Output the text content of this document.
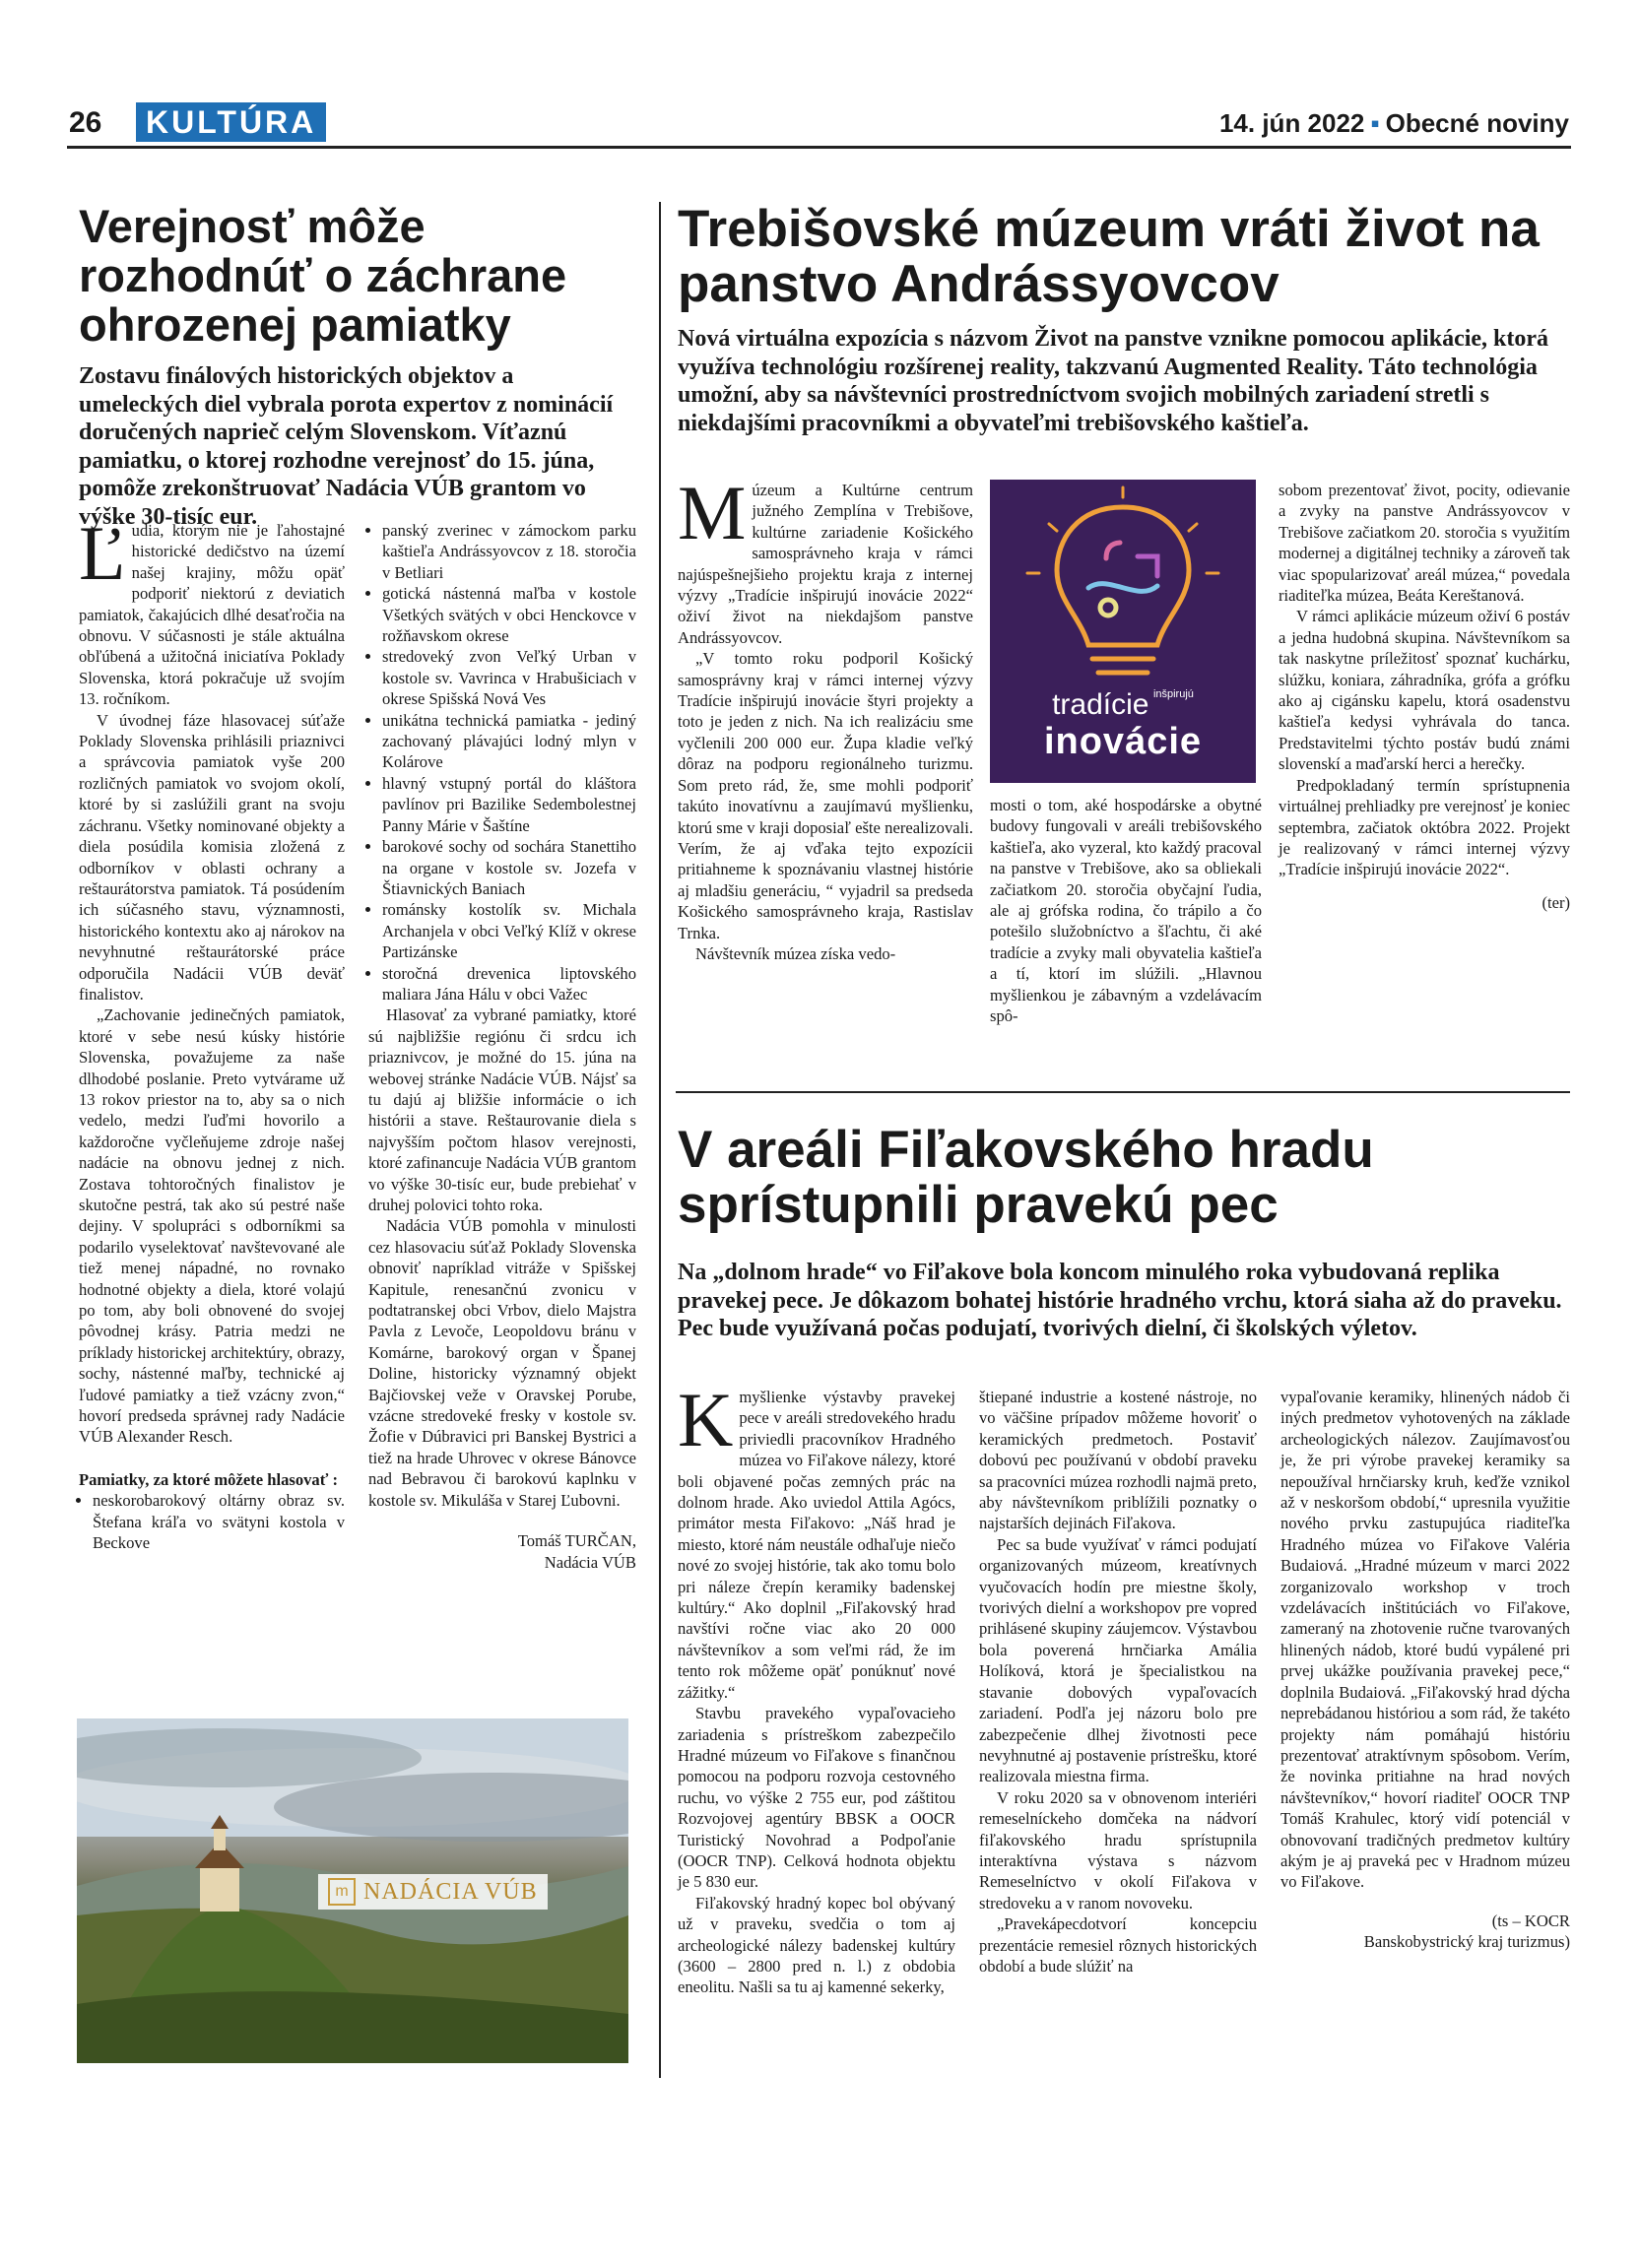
26	KULTÚRA	14. jún 2022 ▪ Obecné noviny
Verejnosť môže rozhodnúť o záchrane ohrozenej pamiatky
Zostavu finálových historických objektov a umeleckých diel vybrala porota expertov z nominácií doručených naprieč celým Slovenskom. Víťaznú pamiatku, o ktorej rozhodne verejnosť do 15. júna, pomôže zrekonštruovať Nadácia VÚB grantom vo výške 30-tisíc eur.

Ľudia, ktorým nie je ľahostajné historické dedičstvo na území našej krajiny, môžu opäť podporiť niektorú z deviatich pamiatok, čakajúcich dlhé desaťročia na obnovu. V súčasnosti je stále aktuálna obľúbená a užitočná iniciatíva Poklady Slovenska, ktorá pokračuje už svojím 13. ročníkom.

V úvodnej fáze hlasovacej súťaže Poklady Slovenska prihlásili priaznivci a správcovia pamiatok vyše 200 rozličných pamiatok vo svojom okolí, ktoré by si zaslúžili grant na svoju záchranu. Všetky nominované objekty a diela posúdila komisia zložená z odborníkov v oblasti ochrany a reštaurátorstva pamiatok. Tá posúdením ich súčasného stavu, významnosti, historického kontextu ako aj nárokov na nevyhnutné reštaurátorské práce odporučila Nadácii VÚB deväť finalistov.

„Zachovanie jedinečných pamiatok, ktoré v sebe nesú kúsky histórie Slovenska, považujeme za naše dlhodobé poslanie. Preto vytvárame už 13 rokov priestor na to, aby sa o nich vedelo, medzi ľuďmi hovorilo a každoročne vyčleňujeme zdroje našej nadácie na obnovu jednej z nich. Zostava tohtoročných finalistov je skutočne pestrá, tak ako sú pestré naše dejiny. V spolupráci s odborníkmi sa podarilo vyselektovať navštevované ale tiež menej nápadné, no rovnako hodnotné objekty a diela, ktoré volajú po tom, aby boli obnovené do svojej pôvodnej krásy. Patria medzi ne príklady historickej architektúry, obrazy, sochy, nástenné maľby, technické aj ľudové pamiatky a tiež vzácny zvon,“ hovorí predseda správnej rady Nadácie VÚB Alexander Resch.

Pamiatky, za ktoré môžete hlasovať :

• neskorobarokový oltárny obraz sv. Štefana kráľa vo svätyni kostola v Beckove
• panský zverinec v zámockom parku kaštieľa Andrássyovcov z 18. storočia v Betliari
• gotická nástenná maľba v kostole Všetkých svätých v obci Henckovce v rožňavskom okrese
• stredoveký zvon Veľký Urban v kostole sv. Vavrinca v Hrabušiciach v okrese Spišská Nová Ves
• unikátna technická pamiatka - jediný zachovaný plávajúci lodný mlyn v Kolárove
• hlavný vstupný portál do kláštora pavlínov pri Bazilike Sedembolestnej Panny Márie v Šaštíne
• barokové sochy od sochára Stanettiho na organe v kostole sv. Jozefa v Štiavnických Baniach
• románsky kostolík sv. Michala Archanjela v obci Veľký Klíž v okrese Partizánske
• storočná drevenica liptovského maliara Jána Hálu v obci Važec

Hlasovať za vybrané pamiatky, ktoré sú najbližšie regiónu či srdcu ich priaznivcov, je možné do 15. júna na webovej stránke Nadácie VÚB. Nájsť sa tu dajú aj bližšie informácie o ich histórii a stave. Reštaurovanie diela s najvyšším počtom hlasov verejnosti, ktoré zafinancuje Nadácia VÚB grantom vo výške 30-tisíc eur, bude prebiehať v druhej polovici tohto roka.

Nadácia VÚB pomohla v minulosti cez hlasovaciu súťaž Poklady Slovenska obnoviť napríklad vitráže v Spišskej Kapitule, renesančnú zvonicu v podtatranskej obci Vrbov, dielo Majstra Pavla z Levoče, Leopoldovu bránu v Komárne, barokový organ v Španej Doline, historicky významný objekt Bajčiovskej veže v Oravskej Porube, vzácne stredoveké fresky v kostole sv. Žofie v Dúbravici pri Banskej Bystrici a tiež na hrade Uhrovec v okrese Bánovce nad Bebravou či barokovú kaplnku v kostole sv. Mikuláša v Starej Ľubovni.

Tomáš TURČAN,

Nadácia VÚB

m NADÁCIA VÚB
Trebišovské múzeum vráti život na panstvo Andrássyovcov
Nová virtuálna expozícia s názvom Život na panstve vznikne pomocou aplikácie, ktorá využíva technológiu rozšírenej reality, takzvanú Augmented Reality. Táto technológia umožní, aby sa návštevníci prostredníctvom svojich mobilných zariadení stretli s niekdajšími pracovníkmi a obyvateľmi trebišovského kaštieľa.

Múzeum a Kultúrne centrum južného Zemplína v Trebišove, kultúrne zariadenie Košického samosprávneho kraja v rámci najúspešnejšieho projektu kraja z internej výzvy „Tradície inšpirujú inovácie 2022“ oživí život na niekdajšom panstve Andrássyovcov.

„V tomto roku podporil Košický samosprávny kraj v rámci internej výzvy Tradície inšpirujú inovácie štyri projekty a toto je jeden z nich. Na ich realizáciu sme vyčlenili 200 000 eur. Župa kladie veľký dôraz na podporu regionálneho turizmu. Som preto rád, že, sme mohli podporiť takúto inovatívnu a zaujímavú myšlienku, ktorú sme v kraji doposiaľ ešte nerealizovali. Verím, že aj vďaka tejto expozícii pritiahneme k spoznávaniu vlastnej histórie aj mladšiu generáciu, “ vyjadril sa predseda Košického samosprávneho kraja, Rastislav Trnka.

Návštevník múzea získa vedo-

tradície $^{inšpirujú}$
inovácie

mosti o tom, aké hospodárske a obytné budovy fungovali v areáli trebišovského kaštieľa, ako vyzeral, kto každý pracoval na panstve v Trebišove, ako sa obliekali začiatkom 20. storočia obyčajní ľudia, ale aj grófska rodina, čo trápilo a čo potešilo služobníctvo a šľachtu, či aké tradície a zvyky mali obyvatelia kaštieľa a tí, ktorí im slúžili. „Hlavnou myšlienkou je zábavným a vzdelávacím spô-

sobom prezentovať život, pocity, odievanie a zvyky na panstve Andrássyovcov v Trebišove začiatkom 20. storočia s využitím modernej a digitálnej techniky a zároveň tak viac spopularizovať areál múzea,“ povedala riaditeľka múzea, Beáta Kereštanová.

V rámci aplikácie múzeum oživí 6 postáv a jedna hudobná skupina. Návštevníkom sa tak naskytne príležitosť spoznať kuchárku, slúžku, koniara, záhradníka, grófa a grófku ako aj cigánsku kapelu, ktorá osadenstvu kaštieľa kedysi vyhrávala do tanca. Predstavitelmi týchto postáv budú známi slovenskí a maďarskí herci a herečky.

Predpokladaný termín sprístupnenia virtuálnej prehliadky pre verejnosť je koniec septembra, začiatok októbra 2022. Projekt je realizovaný v rámci internej výzvy „Tradície inšpirujú inovácie 2022“.

(ter)

V areáli Fiľakovského hradu sprístupnili pravekú pec
Na „dolnom hrade“ vo Fiľakove bola koncom minulého roka vybudovaná replika pravekej pece. Je dôkazom bohatej histórie hradného vrchu, ktorá siaha až do praveku. Pec bude využívaná počas podujatí, tvorivých dielní, či školských výletov.

Kmyšlienke výstavby pravekej pece v areáli stredovekého hradu priviedli pracovníkov Hradného múzea vo Fiľakove nálezy, ktoré boli objavené počas zemných prác na dolnom hrade. Ako uviedol Attila Agócs, primátor mesta Fiľakovo: „Náš hrad je miesto, ktoré nám neustále odhaľuje niečo nové zo svojej histórie, tak ako tomu bolo pri náleze črepín keramiky badenskej kultúry.“ Ako doplnil „Fiľakovský hrad navštívi ročne viac ako 20 000 návštevníkov a som veľmi rád, že im tento rok môžeme opäť ponúknuť nové zážitky.“

Stavbu pravekého vypaľovacieho zariadenia s prístreškom zabezpečilo Hradné múzeum vo Fiľakove s finančnou pomocou na podporu rozvoja cestovného ruchu, vo výške 2 755 eur, pod záštitou Rozvojovej agentúry BBSK a OOCR Turistický Novohrad a Podpoľanie (OOCR TNP). Celková hodnota objektu je 5 830 eur.

Fiľakovský hradný kopec bol obývaný už v praveku, svedčia o tom aj archeologické nálezy badenskej kultúry (3600 – 2800 pred n. l.) z obdobia eneolitu. Našli sa tu aj kamenné sekerky,

štiepané industrie a kostené nástroje, no vo väčšine prípadov môžeme hovoriť o keramických predmetoch. Postaviť dobovú pec používanú v období praveku sa pracovníci múzea rozhodli najmä preto, aby návštevníkom priblížili poznatky o najstarších dejinách Fiľakova.

Pec sa bude využívať v rámci podujatí organizovaných múzeom, kreatívnych vyučovacích hodín pre miestne školy, tvorivých dielní a workshopov pre vopred prihlásené skupiny záujemcov. Výstavbou bola poverená hrnčiarka Amália Holíková, ktorá je špecialistkou na stavanie dobových vypaľovacích zariadení. Podľa jej názoru bolo pre zabezpečenie dlhej životnosti pece nevyhnutné aj postavenie prístrešku, ktoré realizovala miestna firma.

V roku 2020 sa v obnovenom interiéri remeselníckeho domčeka na nádvorí fiľakovského hradu sprístupnila interaktívna výstava s názvom Remeselníctvo v okolí Fiľakova v stredoveku a v ranom novoveku.

„Pravekápecdotvorí koncepciu prezentácie remesiel rôznych historických období a bude slúžiť na

vypaľovanie keramiky, hlinených nádob či iných predmetov vyhotovených na základe archeologických nálezov. Zaujímavosťou je, že pri výrobe pravekej keramiky sa nepoužíval hrnčiarsky kruh, keďže vznikol až v neskoršom období,“ upresnila využitie nového prvku zastupujúca riaditeľka Hradného múzea vo Fiľakove Valéria Budaiová. „Hradné múzeum v marci 2022 zorganizovalo workshop v troch vzdelávacích inštitúciách vo Fiľakove, zameraný na zhotovenie ručne tvarovaných hlinených nádob, ktoré budú vypálené pri prvej ukážke používania pravekej pece,“ doplnila Budaiová. „Fiľakovský hrad dýcha neprebádanou históriou a som rád, že takéto projekty nám pomáhajú históriu prezentovať atraktívnym spôsobom. Verím, že novinka pritiahne na hrad nových návštevníkov,“ hovorí riaditeľ OOCR TNP Tomáš Krahulec, ktorý vidí potenciál v obnovovaní tradičných predmetov kultúry akým je aj praveká pec v Hradnom múzeu vo Fiľakove.

(ts – KOCR

Banskobystrický kraj turizmus)
